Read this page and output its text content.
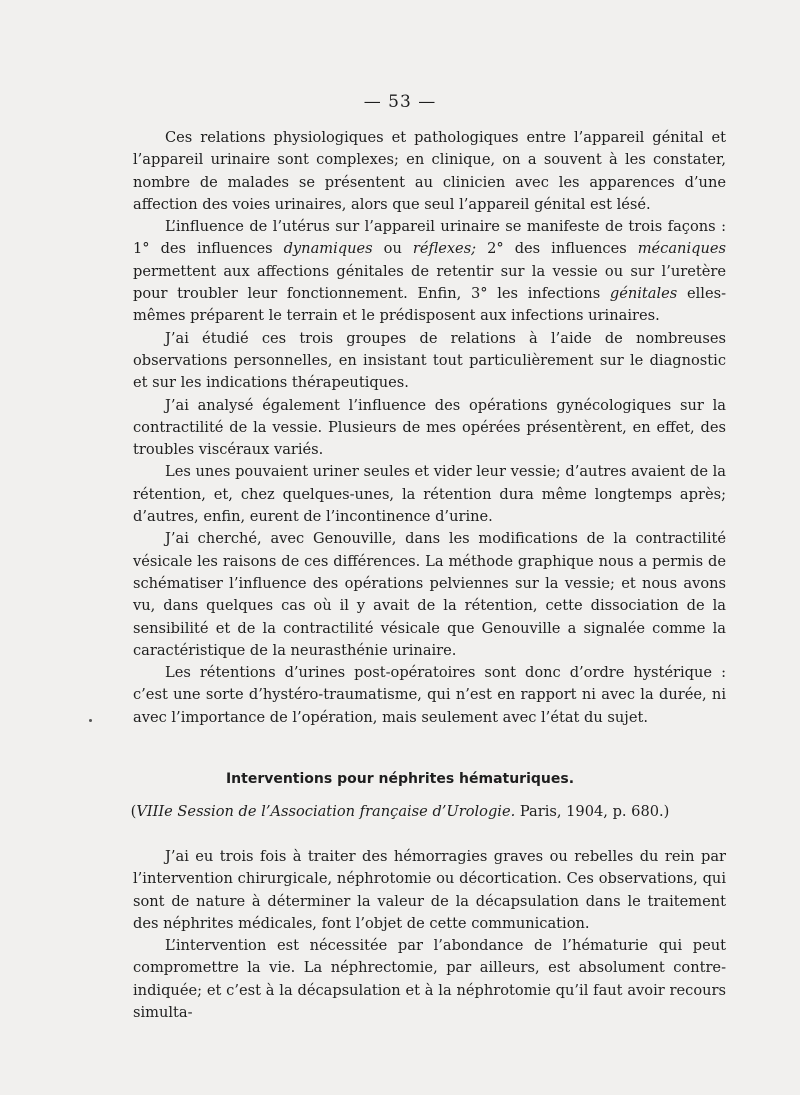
— 53 —

Ces relations physiologiques et pathologiques entre l’appareil génital et l’appareil urinaire sont complexes; en clinique, on a souvent à les constater, nombre de malades se présentent au clinicien avec les apparences d’une affection des voies urinaires, alors que seul l’appareil génital est lésé.

L’influence de l’utérus sur l’appareil urinaire se manifeste de trois façons : 1° des influences dynamiques ou réflexes; 2° des influences mécaniques permettent aux affections génitales de retentir sur la vessie ou sur l’uretère pour troubler leur fonctionnement. Enfin, 3° les infections génitales elles-mêmes préparent le terrain et le prédisposent aux infections urinaires.

J’ai étudié ces trois groupes de relations à l’aide de nombreuses observations personnelles, en insistant tout particulièrement sur le diagnostic et sur les indications thérapeutiques.

J’ai analysé également l’influence des opérations gynécologiques sur la contractilité de la vessie. Plusieurs de mes opérées présentèrent, en effet, des troubles viscéraux variés.

Les unes pouvaient uriner seules et vider leur vessie; d’autres avaient de la rétention, et, chez quelques-unes, la rétention dura même longtemps après; d’autres, enfin, eurent de l’incontinence d’urine.

J’ai cherché, avec Genouville, dans les modifications de la contractilité vésicale les raisons de ces différences. La méthode graphique nous a permis de schématiser l’influence des opérations pelviennes sur la vessie; et nous avons vu, dans quelques cas où il y avait de la rétention, cette dissociation de la sensibilité et de la contractilité vésicale que Genouville a signalée comme la caractéristique de la neurasthénie urinaire.

Les rétentions d’urines post-opératoires sont donc d’ordre hystérique : c’est une sorte d’hystéro-traumatisme, qui n’est en rapport ni avec la durée, ni avec l’importance de l’opération, mais seulement avec l’état du sujet.

Interventions pour néphrites hématuriques.
(VIIIe Session de l’Association française d’Urologie. Paris, 1904, p. 680.)

J’ai eu trois fois à traiter des hémorragies graves ou rebelles du rein par l’intervention chirurgicale, néphrotomie ou décortication. Ces observations, qui sont de nature à déterminer la valeur de la décapsulation dans le traitement des néphrites médicales, font l’objet de cette communication.

L’intervention est nécessitée par l’abondance de l’hématurie qui peut compromettre la vie. La néphrectomie, par ailleurs, est absolument contre-indiquée; et c’est à la décapsulation et à la néphrotomie qu’il faut avoir recours simulta-
